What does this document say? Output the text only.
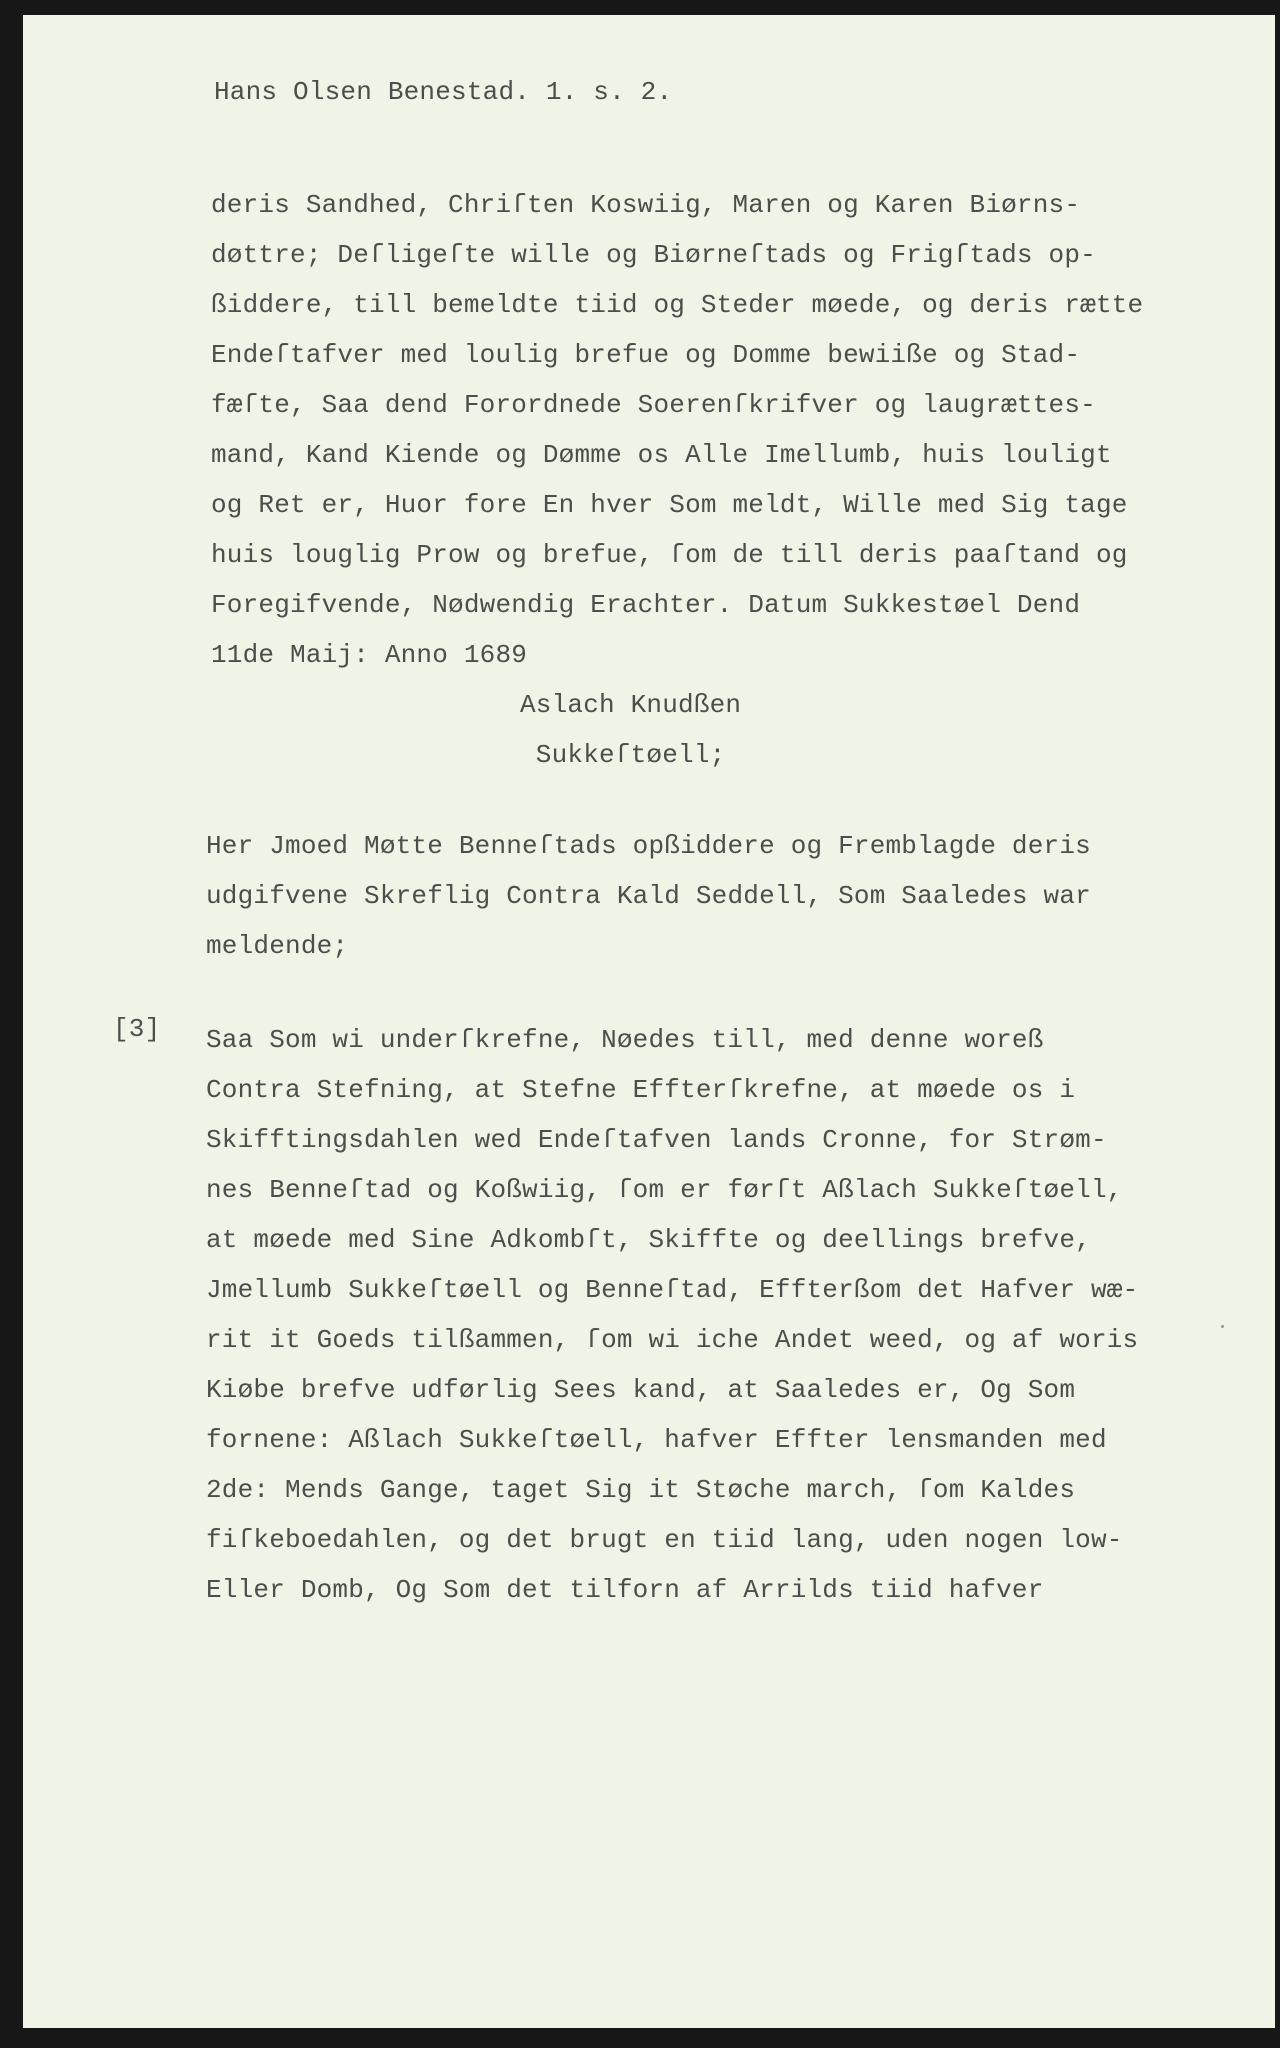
Hans Olsen Benestad. 1. s. 2.
deris Sandhed, Chriſten Koswiig, Maren og Karen Biørns-
døttre; Deſligeſte wille og Biørneſtads og Frigſtads op-
ßiddere, till bemeldte tiid og Steder møede, og deris rætte
Endeſtafver med loulig brefue og Domme bewiiße og Stad-
fæſte, Saa dend Forordnede Soerenſkrifver og laugrættes-
mand, Kand Kiende og Dømme os Alle Imellumb, huis louligt
og Ret er, Huor fore En hver Som meldt, Wille med Sig tage
huis louglig Prow og brefue, ſom de till deris paaſtand og
Foregifvende, Nødwendig Erachter. Datum Sukkestøel Dend
11de Maij: Anno 1689
Aslach Knudßen
Sukkeſtøell;
Her Jmoed Møtte Benneſtads opßiddere og Fremblagde deris
udgifvene Skreflig Contra Kald Seddell, Som Saaledes war
meldende;
[3] Saa Som wi underſkrefne, Nøedes till, med denne woreß
Contra Stefning, at Stefne Effterſkrefne, at møede os i
Skifftingsdahlen wed Endeſtafven lands Cronne, for Strøm-
nes Benneſtad og Koßwiig, ſom er førſt Aßlach Sukkeſtøell,
at møede med Sine Adkombſt, Skiffte og deellings brefve,
Jmellumb Sukkeſtøell og Benneſtad, Effterßom det Hafver wæ-
rit it Goeds tilßammen, ſom wi iche Andet weed, og af woris
Kiøbe brefve udførlig Sees kand, at Saaledes er, Og Som
fornene: Aßlach Sukkeſtøell, hafver Effter lensmanden med
2de: Mends Gange, taget Sig it Støche march, ſom Kaldes
fiſkeboedahlen, og det brugt en tiid lang, uden nogen low-
Eller Domb, Og Som det tilforn af Arrilds tiid hafver
